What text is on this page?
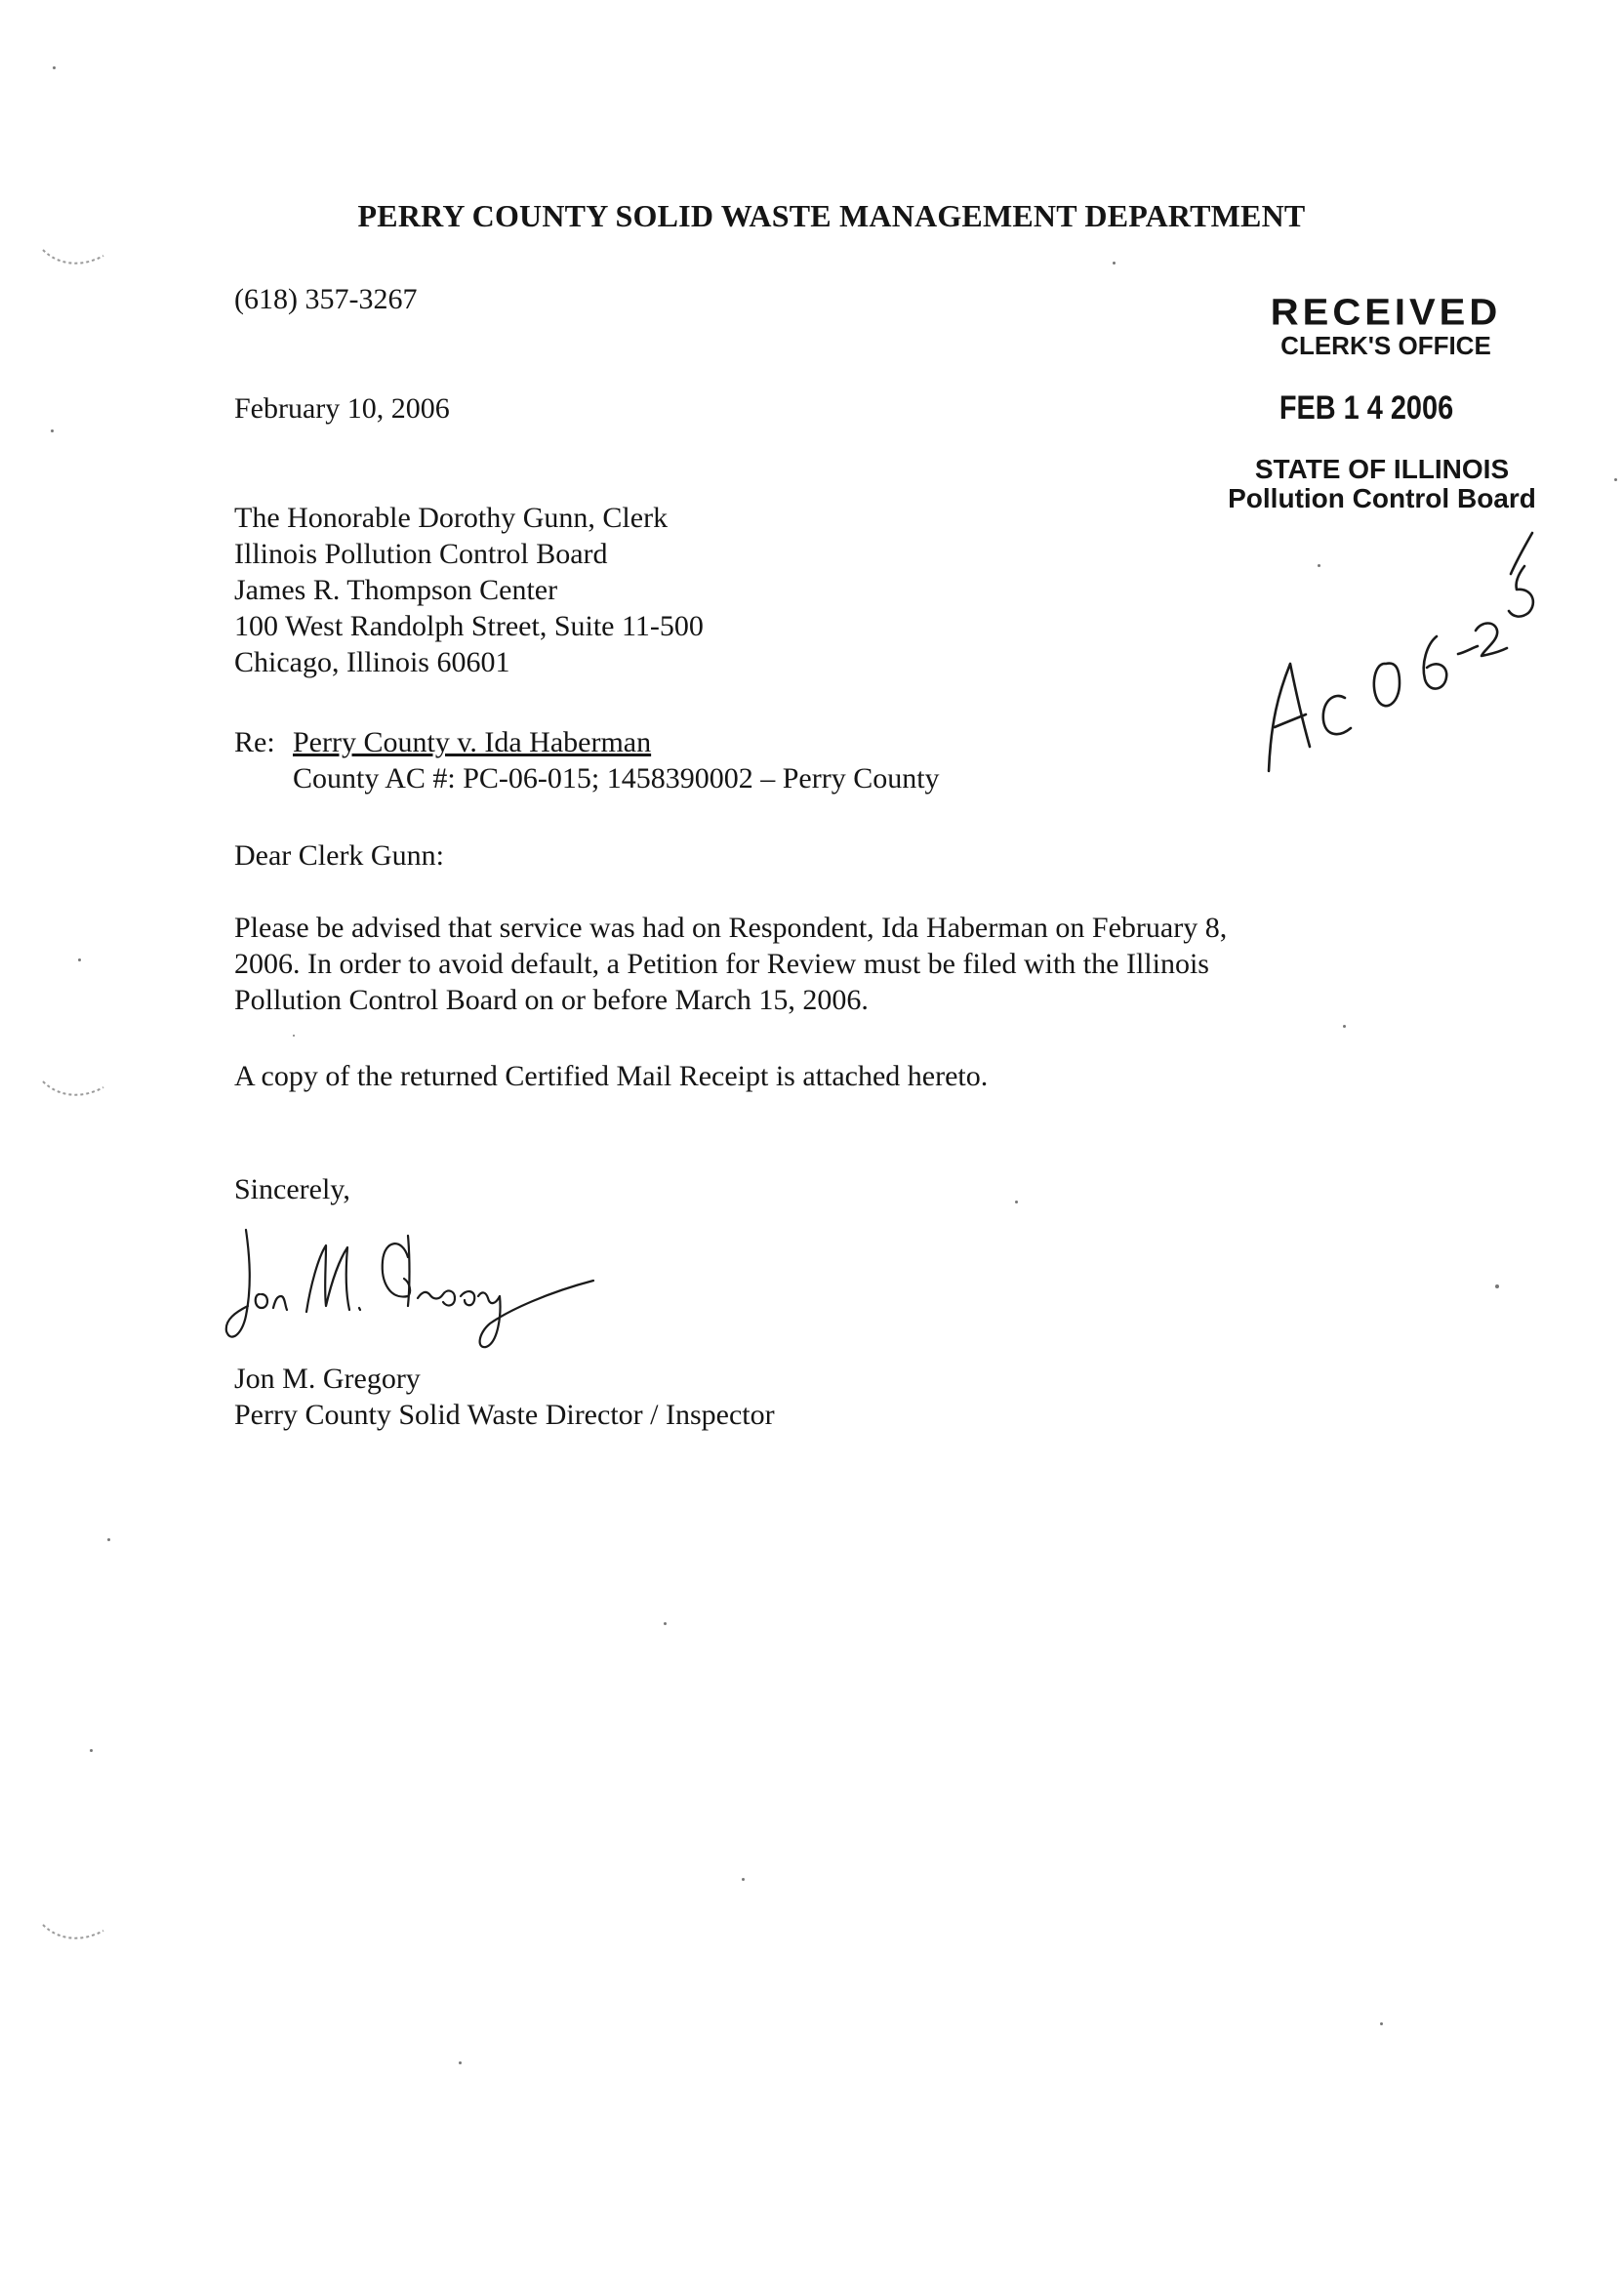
PERRY COUNTY SOLID WASTE MANAGEMENT DEPARTMENT
(618) 357-3267
February 10, 2006
RECEIVED
CLERK'S OFFICE
FEB 1 4 2006
STATE OF ILLINOIS
Pollution Control Board
The Honorable Dorothy Gunn, Clerk
Illinois Pollution Control Board
James R. Thompson Center
100 West Randolph Street, Suite 11-500
Chicago, Illinois 60601
Re: Perry County v. Ida Haberman
County AC #: PC-06-015; 1458390002 – Perry County
Dear Clerk Gunn:
Please be advised that service was had on Respondent, Ida Haberman on February 8,
2006. In order to avoid default, a Petition for Review must be filed with the Illinois
Pollution Control Board on or before March 15, 2006.
A copy of the returned Certified Mail Receipt is attached hereto.
Sincerely,
Jon M. Gregory
Perry County Solid Waste Director / Inspector
